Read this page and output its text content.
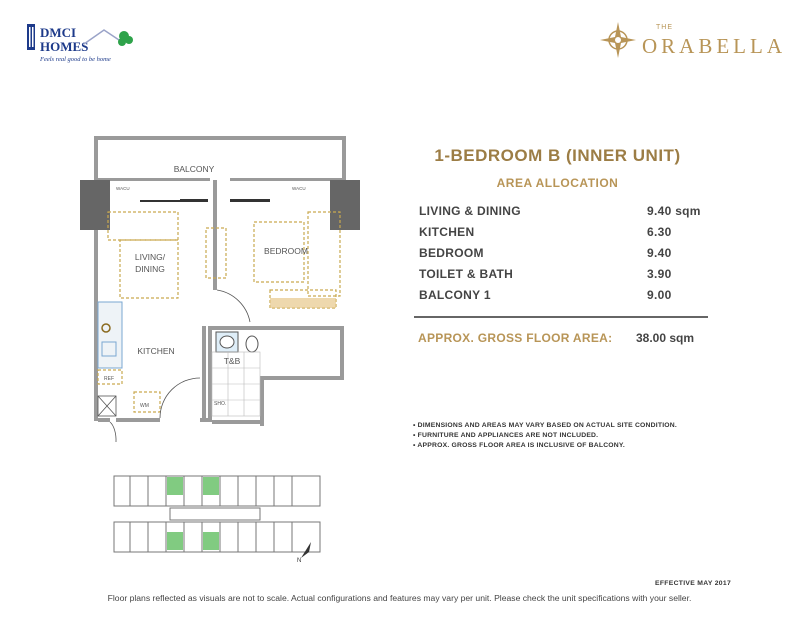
DMCI
HOMES
Feels real good to be home
THE
ORABELLA
BALCONY
LIVING/
DINING
BEDROOM
KITCHEN
T&B
REF
WM	SHO.
WACU	WACU
N
1-BEDROOM B (INNER UNIT)
AREA ALLOCATION
LIVING & DINING	9.40 sqm
KITCHEN	6.30
BEDROOM	9.40
TOILET & BATH	3.90
BALCONY 1	9.00
APPROX. GROSS FLOOR AREA: 38.00 sqm
• DIMENSIONS AND AREAS MAY VARY BASED ON ACTUAL SITE CONDITION.
• FURNITURE AND APPLIANCES ARE NOT INCLUDED.
• APPROX. GROSS FLOOR AREA IS INCLUSIVE OF BALCONY.
EFFECTIVE MAY 2017
Floor plans reflected as visuals are not to scale. Actual configurations and features may vary per unit. Please check the unit specifications with your seller.
